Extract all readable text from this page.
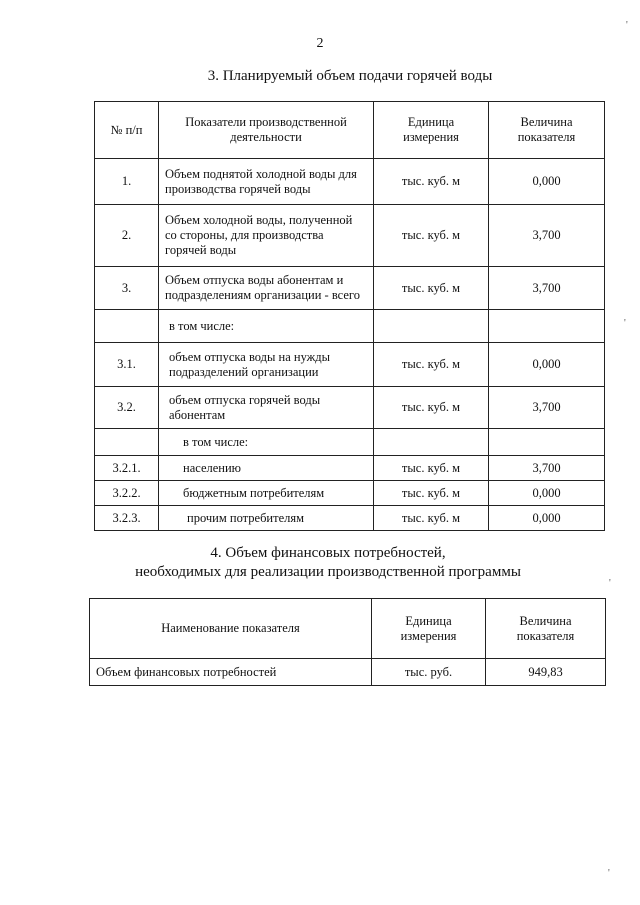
2
3. Планируемый объем подачи горячей воды
№ п/п	Показатели производственной деятельности	Единица измерения	Величина показателя
1.	Объем поднятой холодной воды для производства горячей воды	тыс. куб. м	0,000
2.	Объем холодной воды, полученной со стороны, для производства горячей воды	тыс. куб. м	3,700
3.	Объем отпуска воды абонентам и подразделениям организации - всего	тыс. куб. м	3,700
	в том числе:		
3.1.	объем отпуска воды на нужды подразделений организации	тыс. куб. м	0,000
3.2.	объем отпуска горячей воды абонентам	тыс. куб. м	3,700
	в том числе:		
3.2.1.	населению	тыс. куб. м	3,700
3.2.2.	бюджетным потребителям	тыс. куб. м	0,000
3.2.3.	прочим потребителям	тыс. куб. м	0,000
4. Объем финансовых потребностей,
необходимых для реализации производственной программы
Наименование показателя	Единица измерения	Величина показателя
Объем финансовых потребностей	тыс. руб.	949,83
'
'
'
'
